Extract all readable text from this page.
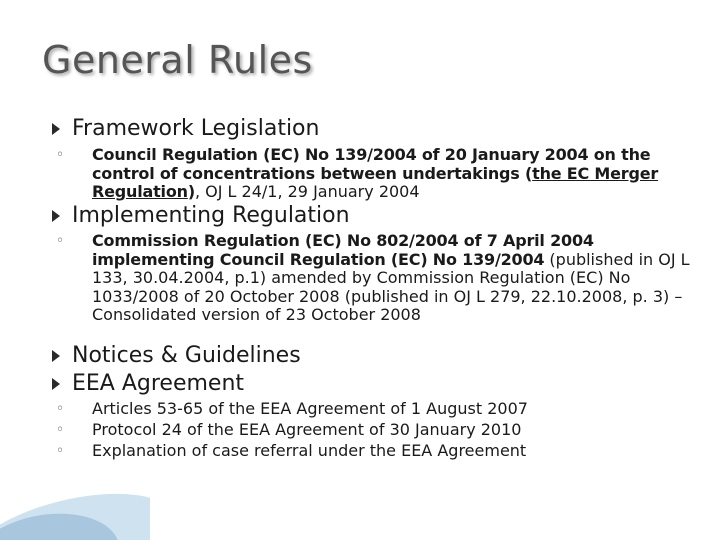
General Rules
Framework Legislation
◦ Council Regulation (EC) No 139/2004 of 20 January 2004 on the control of concentrations between undertakings (the EC Merger Regulation), OJ L 24/1, 29 January 2004
Implementing Regulation
◦ Commission Regulation (EC) No 802/2004 of 7 April 2004 implementing Council Regulation (EC) No 139/2004 (published in OJ L 133, 30.04.2004, p.1) amended by Commission Regulation (EC) No 1033/2008 of 20 October 2008 (published in OJ L 279, 22.10.2008, p. 3) – Consolidated version of 23 October 2008
Notices & Guidelines
EEA Agreement
◦ Articles 53-65 of the EEA Agreement of 1 August 2007
◦ Protocol 24 of the EEA Agreement of 30 January 2010
◦ Explanation of case referral under the EEA Agreement
